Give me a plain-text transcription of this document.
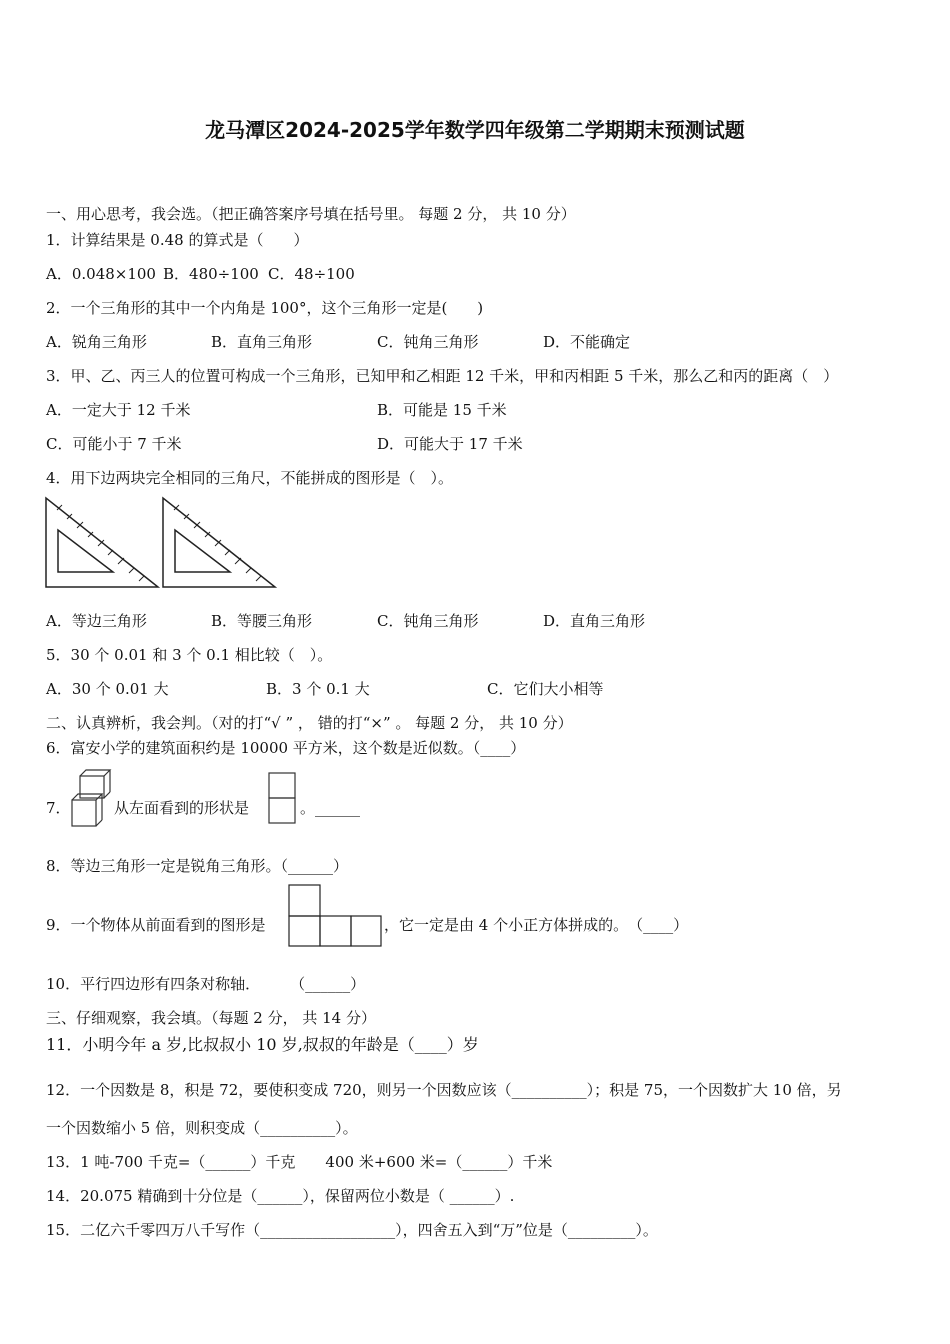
龙马潭区2024-2025学年数学四年级第二学期期末预测试题
一、用心思考，我会选。（把正确答案序号填在括号里。 每题 2 分， 共 10 分）
1．计算结果是 0.48 的算式是（　　）
A．0.048×100 B．480÷100 C．48÷100
2．一个三角形的其中一个内角是 100°，这个三角形一定是(　　)
A．锐角三角形	B．直角三角形	C．钝角三角形	D．不能确定
3．甲、乙、丙三人的位置可构成一个三角形，已知甲和乙相距 12 千米，甲和丙相距 5 千米，那么乙和丙的距离（　）
A．一定大于 12 千米	B．可能是 15 千米
C．可能小于 7 千米	D．可能大于 17 千米
4．用下边两块完全相同的三角尺，不能拼成的图形是（　）。
A．等边三角形	B．等腰三角形	C．钝角三角形	D．直角三角形
5．30 个 0.01 和 3 个 0.1 相比较（　）。
A．30 个 0.01 大	B．3 个 0.1 大	C．它们大小相等
二、认真辨析，我会判。（对的打“√ ” ， 错的打“×” 。 每题 2 分， 共 10 分）
6．富安小学的建筑面积约是 10000 平方米，这个数是近似数。（____）
7．	从左面看到的形状是	。______
8．等边三角形一定是锐角三角形。（______）
9．一个物体从前面看到的图形是	，它一定是由 4 个小正方体拼成的。　（____）
10．平行四边形有四条对称轴．　　　（______）
三、仔细观察，我会填。（每题 2 分， 共 14 分）
11．小明今年 a 岁,比叔叔小 10 岁,叔叔的年龄是（____）岁
12．一个因数是 8，积是 72，要使积变成 720，则另一个因数应该（__________）；积是 75，一个因数扩大 10 倍，另
一个因数缩小 5 倍，则积变成（__________）。
13．1 吨-700 千克=（______）千克　　400 米+600 米=（______）千米
14．20.075 精确到十分位是（______），保留两位小数是（ ______）.
15．二亿六千零四万八千写作（__________________），四舍五入到“万”位是（_________）。
